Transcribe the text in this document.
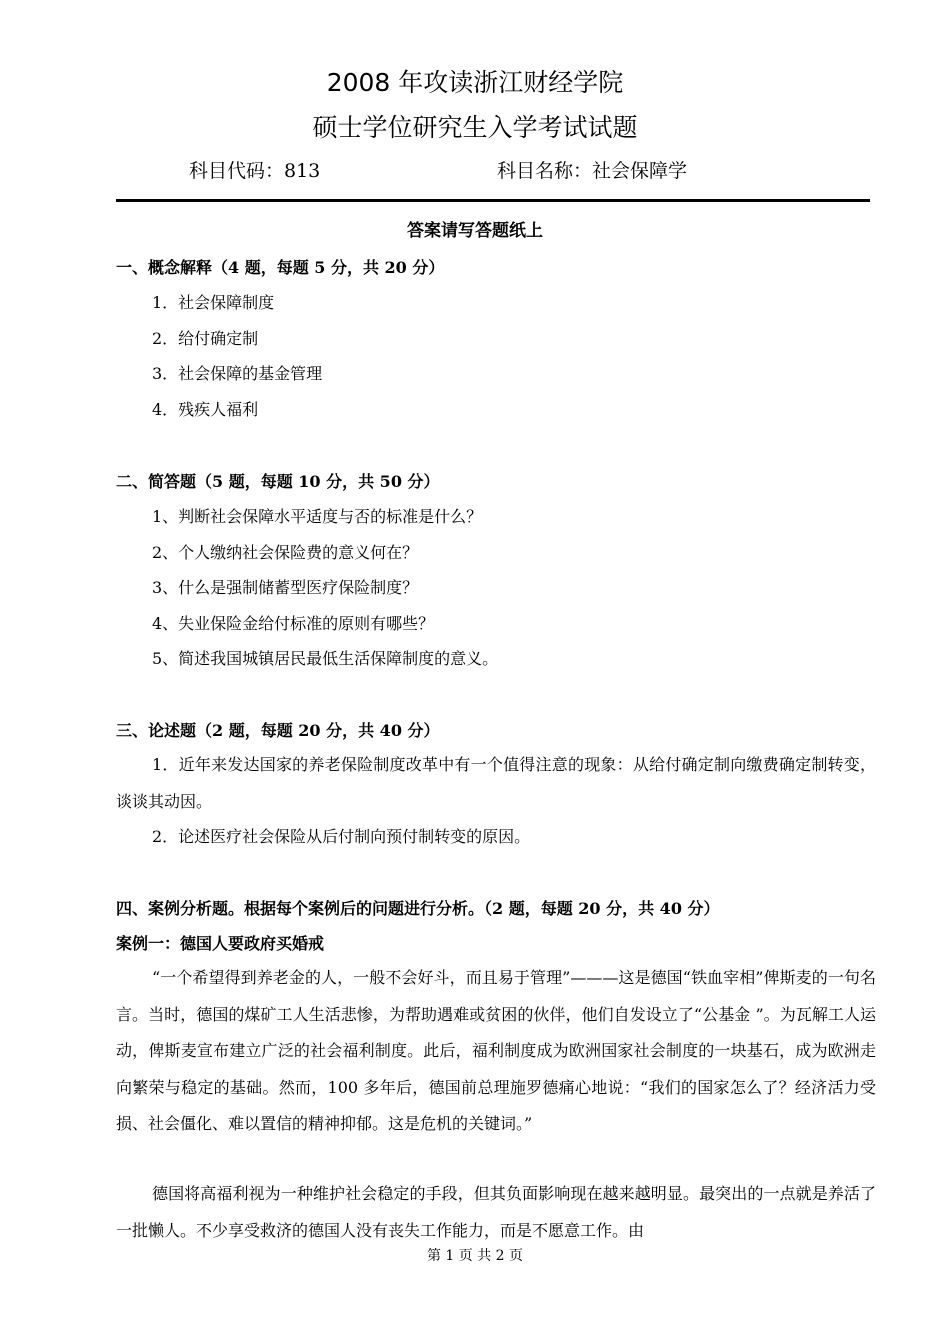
2008 年攻读浙江财经学院
硕士学位研究生入学考试试题
科目代码：813	科目名称：社会保障学
答案请写答题纸上
一、概念解释（4 题，每题 5 分，共 20 分）
1．社会保障制度
2．给付确定制
3．社会保障的基金管理
4．残疾人福利
二、简答题（5 题，每题 10 分，共 50 分）
1、判断社会保障水平适度与否的标准是什么？
2、个人缴纳社会保险费的意义何在？
3、什么是强制储蓄型医疗保险制度？
4、失业保险金给付标准的原则有哪些？
5、简述我国城镇居民最低生活保障制度的意义。
三、论述题（2 题，每题 20 分，共 40 分）
1．近年来发达国家的养老保险制度改革中有一个值得注意的现象：从给付确定制向缴费确定制转变，谈谈其动因。
2．论述医疗社会保险从后付制向预付制转变的原因。
四、案例分析题。根据每个案例后的问题进行分析。（2 题，每题 20 分，共 40 分）
案例一：德国人要政府买婚戒
“一个希望得到养老金的人，一般不会好斗，而且易于管理”———这是德国“铁血宰相”俾斯麦的一句名言。当时，德国的煤矿工人生活悲惨，为帮助遇难或贫困的伙伴，他们自发设立了“公基金 ”。为瓦解工人运动，俾斯麦宣布建立广泛的社会福利制度。此后，福利制度成为欧洲国家社会制度的一块基石，成为欧洲走向繁荣与稳定的基础。然而，100 多年后，德国前总理施罗德痛心地说：“我们的国家怎么了？经济活力受损、社会僵化、难以置信的精神抑郁。这是危机的关键词。”
德国将高福利视为一种维护社会稳定的手段，但其负面影响现在越来越明显。最突出的一点就是养活了一批懒人。不少享受救济的德国人没有丧失工作能力，而是不愿意工作。由
第 1 页 共 2 页
